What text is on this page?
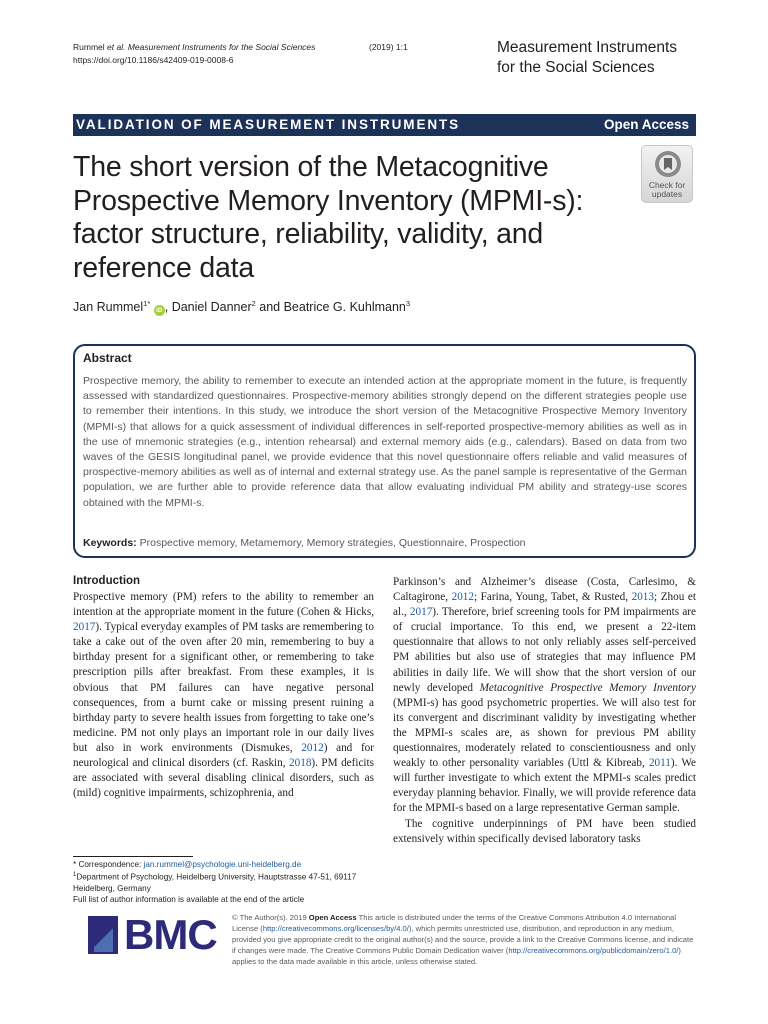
Rummel et al. Measurement Instruments for the Social Sciences	(2019) 1:1
https://doi.org/10.1186/s42409-019-0008-6
Measurement Instruments
for the Social Sciences
VALIDATION OF MEASUREMENT INSTRUMENTS	Open Access
The short version of the Metacognitive Prospective Memory Inventory (MPMI-s): factor structure, reliability, validity, and reference data
Check for
updates
Jan Rummel$^{1*}$ iD , Daniel Danner$^2$ and Beatrice G. Kuhlmann$^3$
Abstract

Prospective memory, the ability to remember to execute an intended action at the appropriate moment in the future, is frequently assessed with standardized questionnaires. Prospective-memory abilities strongly depend on the different strategies people use to remember their intentions. In this study, we introduce the short version of the Metacognitive Prospective Memory Inventory (MPMI-s) that allows for a quick assessment of individual differences in self-reported prospective-memory abilities as well as in the use of mnemonic strategies (e.g., intention rehearsal) and external memory aids (e.g., calendars). Based on data from two waves of the GESIS longitudinal panel, we provide evidence that this novel questionnaire offers reliable and valid measures of prospective-memory abilities as well as of internal and external strategy use. As the panel sample is representative of the German population, we are further able to provide reference data that allow evaluating individual PM ability and strategy-use scores obtained with the MPMI-s.

Keywords: Prospective memory, Metamemory, Memory strategies, Questionnaire, Prospection
Introduction

Prospective memory (PM) refers to the ability to remember an intention at the appropriate moment in the future (Cohen & Hicks, 2017). Typical everyday examples of PM tasks are remembering to take a cake out of the oven after 20 min, remembering to buy a birthday present for a significant other, or remembering to take prescription pills after breakfast. From these examples, it is obvious that PM failures can have negative personal consequences, from a burnt cake or missing present ruining a birthday party to severe health issues from forgetting to take one’s medicine. PM not only plays an important role in our daily lives but also in work environments (Dismukes, 2012) and for neurological and clinical disorders (cf. Raskin, 2018). PM deficits are associated with several disabling clinical disorders, such as (mild) cognitive impairments, schizophrenia, and

Parkinson’s and Alzheimer’s disease (Costa, Carlesimo, & Caltagirone, 2012; Farina, Young, Tabet, & Rusted, 2013; Zhou et al., 2017). Therefore, brief screening tools for PM impairments are of crucial importance. To this end, we present a 22-item questionnaire that allows to not only reliably asses self-perceived PM abilities but also use of strategies that may influence PM abilities in daily life. We will show that the short version of our newly developed Metacognitive Prospective Memory Inventory (MPMI-s) has good psychometric properties. We will also test for its convergent and discriminant validity by investigating whether the MPMI-s scales are, as shown for previous PM ability questionnaires, moderately related to conscientiousness and only weakly to other personality variables (Uttl & Kibreab, 2011). We will further investigate to which extent the MPMI-s scales predict everyday planning behavior. Finally, we will provide reference data for the MPMI-s based on a large representative German sample.

The cognitive underpinnings of PM have been studied extensively within specifically devised laboratory tasks

* Correspondence: jan.rummel@psychologie.uni-heidelberg.de
$^1$Department of Psychology, Heidelberg University, Hauptstrasse 47-51, 69117 Heidelberg, Germany
Full list of author information is available at the end of the article
BMC © The Author(s). 2019 Open Access This article is distributed under the terms of the Creative Commons Attribution 4.0 International License (http://creativecommons.org/licenses/by/4.0/), which permits unrestricted use, distribution, and reproduction in any medium, provided you give appropriate credit to the original author(s) and the source, provide a link to the Creative Commons license, and indicate if changes were made. The Creative Commons Public Domain Dedication waiver (http://creativecommons.org/publicdomain/zero/1.0/) applies to the data made available in this article, unless otherwise stated.
